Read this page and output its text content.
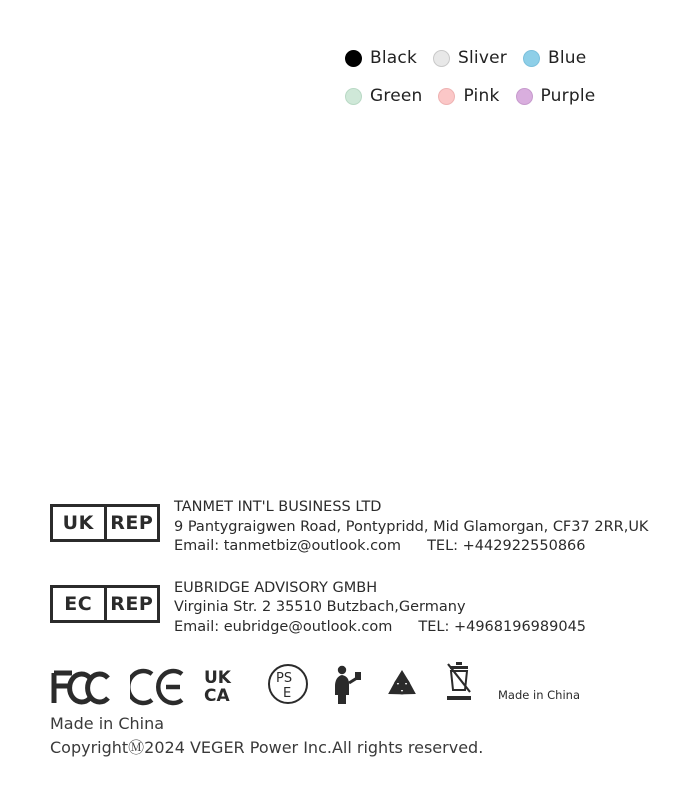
Black Sliver Blue
Green Pink Purple
UK REP
TANMET INT'L BUSINESS LTD
9 Pantygraigwen Road, Pontypridd, Mid Glamorgan, CF37 2RR,UK
Email: tanmetbiz@outlook.com TEL: +442922550866
EC REP
EUBRIDGE ADVISORY GMBH
Virginia Str. 2 35510 Butzbach,Germany
Email: eubridge@outlook.com TEL: +4968196989045
UK
CA
PS
E	Made in China
Made in China
CopyrightⓂ2024 VEGER Power Inc.All rights reserved.
